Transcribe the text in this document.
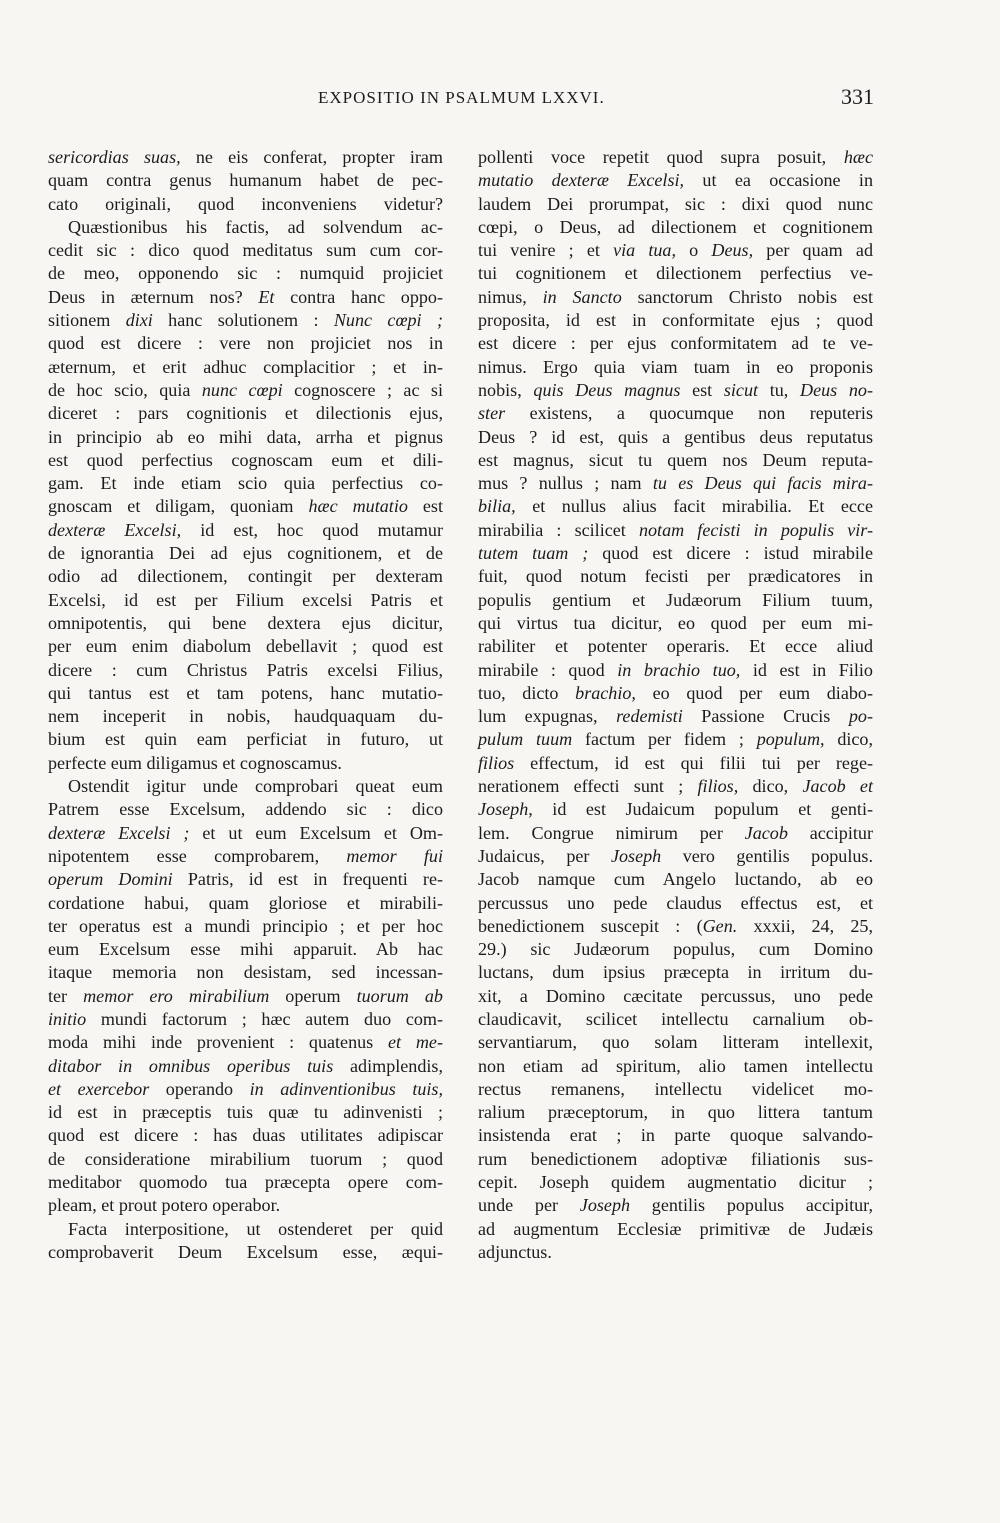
EXPOSITIO IN PSALMUM LXXVI.	331
sericordias suas, ne eis conferat, propter iram
quam contra genus humanum habet de pec-
cato originali, quod inconveniens videtur?
Quæstionibus his factis, ad solvendum ac-
cedit sic : dico quod meditatus sum cum cor-
de meo, opponendo sic : numquid projiciet
Deus in æternum nos? Et contra hanc oppo-
sitionem dixi hanc solutionem : Nunc cœpi ;
quod est dicere : vere non projiciet nos in
æternum, et erit adhuc complacitior ; et in-
de hoc scio, quia nunc cœpi cognoscere ; ac si
diceret : pars cognitionis et dilectionis ejus,
in principio ab eo mihi data, arrha et pignus
est quod perfectius cognoscam eum et dili-
gam. Et inde etiam scio quia perfectius co-
gnoscam et diligam, quoniam hæc mutatio est
dexteræ Excelsi, id est, hoc quod mutamur
de ignorantia Dei ad ejus cognitionem, et de
odio ad dilectionem, contingit per dexteram
Excelsi, id est per Filium excelsi Patris et
omnipotentis, qui bene dextera ejus dicitur,
per eum enim diabolum debellavit ; quod est
dicere : cum Christus Patris excelsi Filius,
qui tantus est et tam potens, hanc mutatio-
nem inceperit in nobis, haudquaquam du-
bium est quin eam perficiat in futuro, ut
perfecte eum diligamus et cognoscamus.
Ostendit igitur unde comprobari queat eum
Patrem esse Excelsum, addendo sic : dico
dexteræ Excelsi ; et ut eum Excelsum et Om-
nipotentem esse comprobarem, memor fui
operum Domini Patris, id est in frequenti re-
cordatione habui, quam gloriose et mirabili-
ter operatus est a mundi principio ; et per hoc
eum Excelsum esse mihi apparuit. Ab hac
itaque memoria non desistam, sed incessan-
ter memor ero mirabilium operum tuorum ab
initio mundi factorum ; hæc autem duo com-
moda mihi inde provenient : quatenus et me-
ditabor in omnibus operibus tuis adimplendis,
et exercebor operando in adinventionibus tuis,
id est in præceptis tuis quæ tu adinvenisti ;
quod est dicere : has duas utilitates adipiscar
de consideratione mirabilium tuorum ; quod
meditabor quomodo tua præcepta opere com-
pleam, et prout potero operabor.
Facta interpositione, ut ostenderet per quid
comprobaverit Deum Excelsum esse, æqui-
pollenti voce repetit quod supra posuit, hæc
mutatio dexteræ Excelsi, ut ea occasione in
laudem Dei prorumpat, sic : dixi quod nunc
cœpi, o Deus, ad dilectionem et cognitionem
tui venire ; et via tua, o Deus, per quam ad
tui cognitionem et dilectionem perfectius ve-
nimus, in Sancto sanctorum Christo nobis est
proposita, id est in conformitate ejus ; quod
est dicere : per ejus conformitatem ad te ve-
nimus. Ergo quia viam tuam in eo proponis
nobis, quis Deus magnus est sicut tu, Deus no-
ster existens, a quocumque non reputeris
Deus ? id est, quis a gentibus deus reputatus
est magnus, sicut tu quem nos Deum reputa-
mus ? nullus ; nam tu es Deus qui facis mira-
bilia, et nullus alius facit mirabilia. Et ecce
mirabilia : scilicet notam fecisti in populis vir-
tutem tuam ; quod est dicere : istud mirabile
fuit, quod notum fecisti per prædicatores in
populis gentium et Judæorum Filium tuum,
qui virtus tua dicitur, eo quod per eum mi-
rabiliter et potenter operaris. Et ecce aliud
mirabile : quod in brachio tuo, id est in Filio
tuo, dicto brachio, eo quod per eum diabo-
lum expugnas, redemisti Passione Crucis po-
pulum tuum factum per fidem ; populum, dico,
filios effectum, id est qui filii tui per rege-
nerationem effecti sunt ; filios, dico, Jacob et
Joseph, id est Judaicum populum et genti-
lem. Congrue nimirum per Jacob accipitur
Judaicus, per Joseph vero gentilis populus.
Jacob namque cum Angelo luctando, ab eo
percussus uno pede claudus effectus est, et
benedictionem suscepit : (Gen. xxxii, 24, 25,
29.) sic Judæorum populus, cum Domino
luctans, dum ipsius præcepta in irritum du-
xit, a Domino cæcitate percussus, uno pede
claudicavit, scilicet intellectu carnalium ob-
servantiarum, quo solam litteram intellexit,
non etiam ad spiritum, alio tamen intellectu
rectus remanens, intellectu videlicet mo-
ralium præceptorum, in quo littera tantum
insistenda erat ; in parte quoque salvando-
rum benedictionem adoptivæ filiationis sus-
cepit. Joseph quidem augmentatio dicitur ;
unde per Joseph gentilis populus accipitur,
ad augmentum Ecclesiæ primitivæ de Judæis
adjunctus.
